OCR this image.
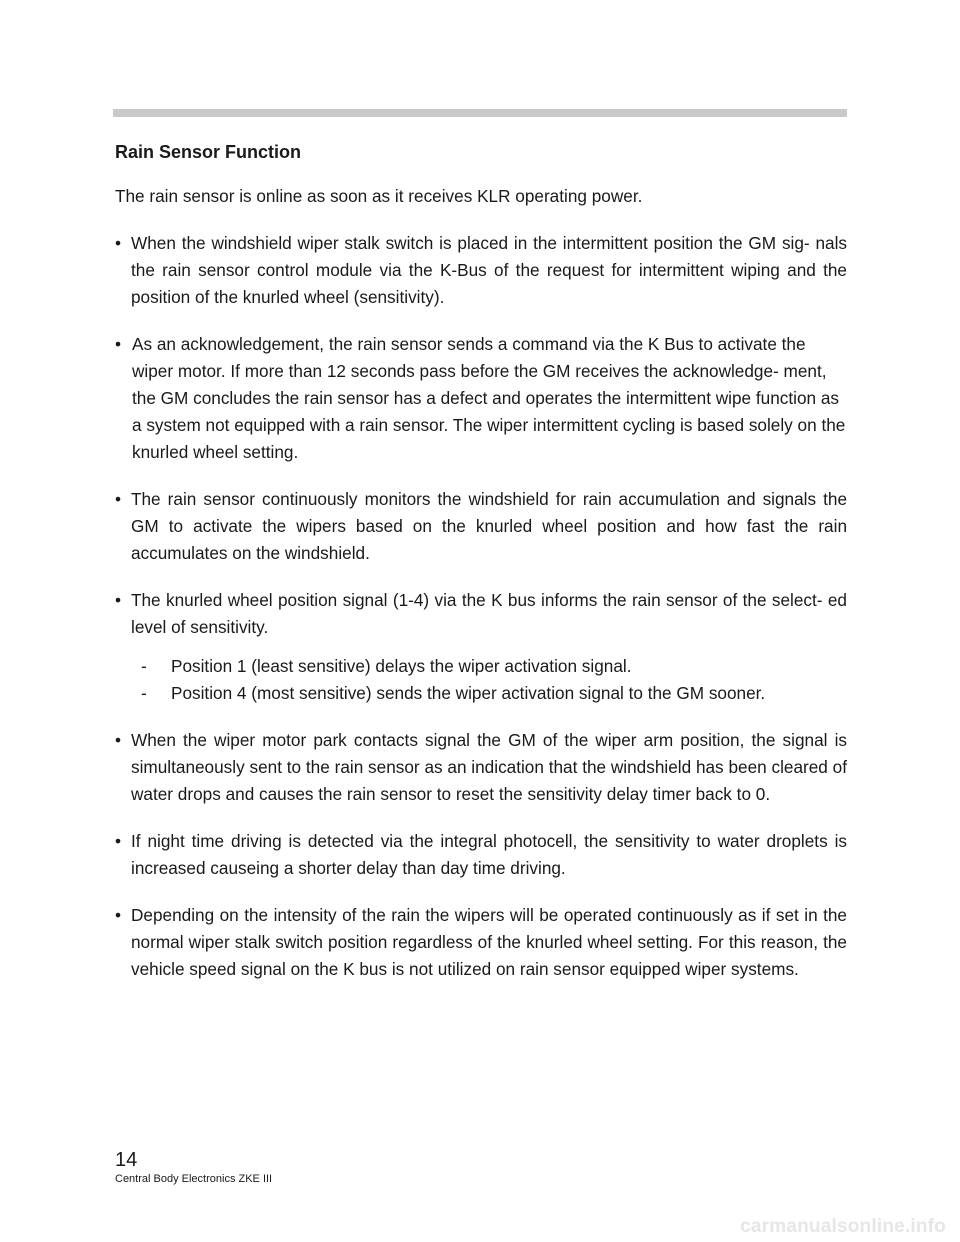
Rain Sensor Function
The rain sensor is online as soon as it receives KLR operating power.
• When the windshield wiper stalk switch is placed in the intermittent position the GM sig- nals the rain sensor control module via the K-Bus of the request for intermittent wiping and the position of the knurled wheel (sensitivity).
• As an acknowledgement, the rain sensor sends a command via the K Bus to activate the wiper motor. If more than 12 seconds pass before the GM receives the acknowledge- ment, the GM concludes the rain sensor has a defect and operates the intermittent wipe function as a system not equipped with a rain sensor. The wiper intermittent cycling is based solely on the knurled wheel setting.
• The rain sensor continuously monitors the windshield for rain accumulation and signals the GM to activate the wipers based on the knurled wheel position and how fast the rain accumulates on the windshield.
• The knurled wheel position signal (1-4) via the K bus informs the rain sensor of the select- ed level of sensitivity.
- Position 1 (least sensitive) delays the wiper activation signal.
- Position 4 (most sensitive) sends the wiper activation signal to the GM sooner.
• When the wiper motor park contacts signal the GM of the wiper arm position, the signal is simultaneously sent to the rain sensor as an indication that the windshield has been cleared of water drops and causes the rain sensor to reset the sensitivity delay timer back to 0.
• If night time driving is detected via the integral photocell, the sensitivity to water droplets is increased causeing a shorter delay than day time driving.
• Depending on the intensity of the rain the wipers will be operated continuously as if set in the normal wiper stalk switch position regardless of the knurled wheel setting. For this reason, the vehicle speed signal on the K bus is not utilized on rain sensor equipped wiper systems.
14
Central Body Electronics ZKE III
carmanualsonline.info
